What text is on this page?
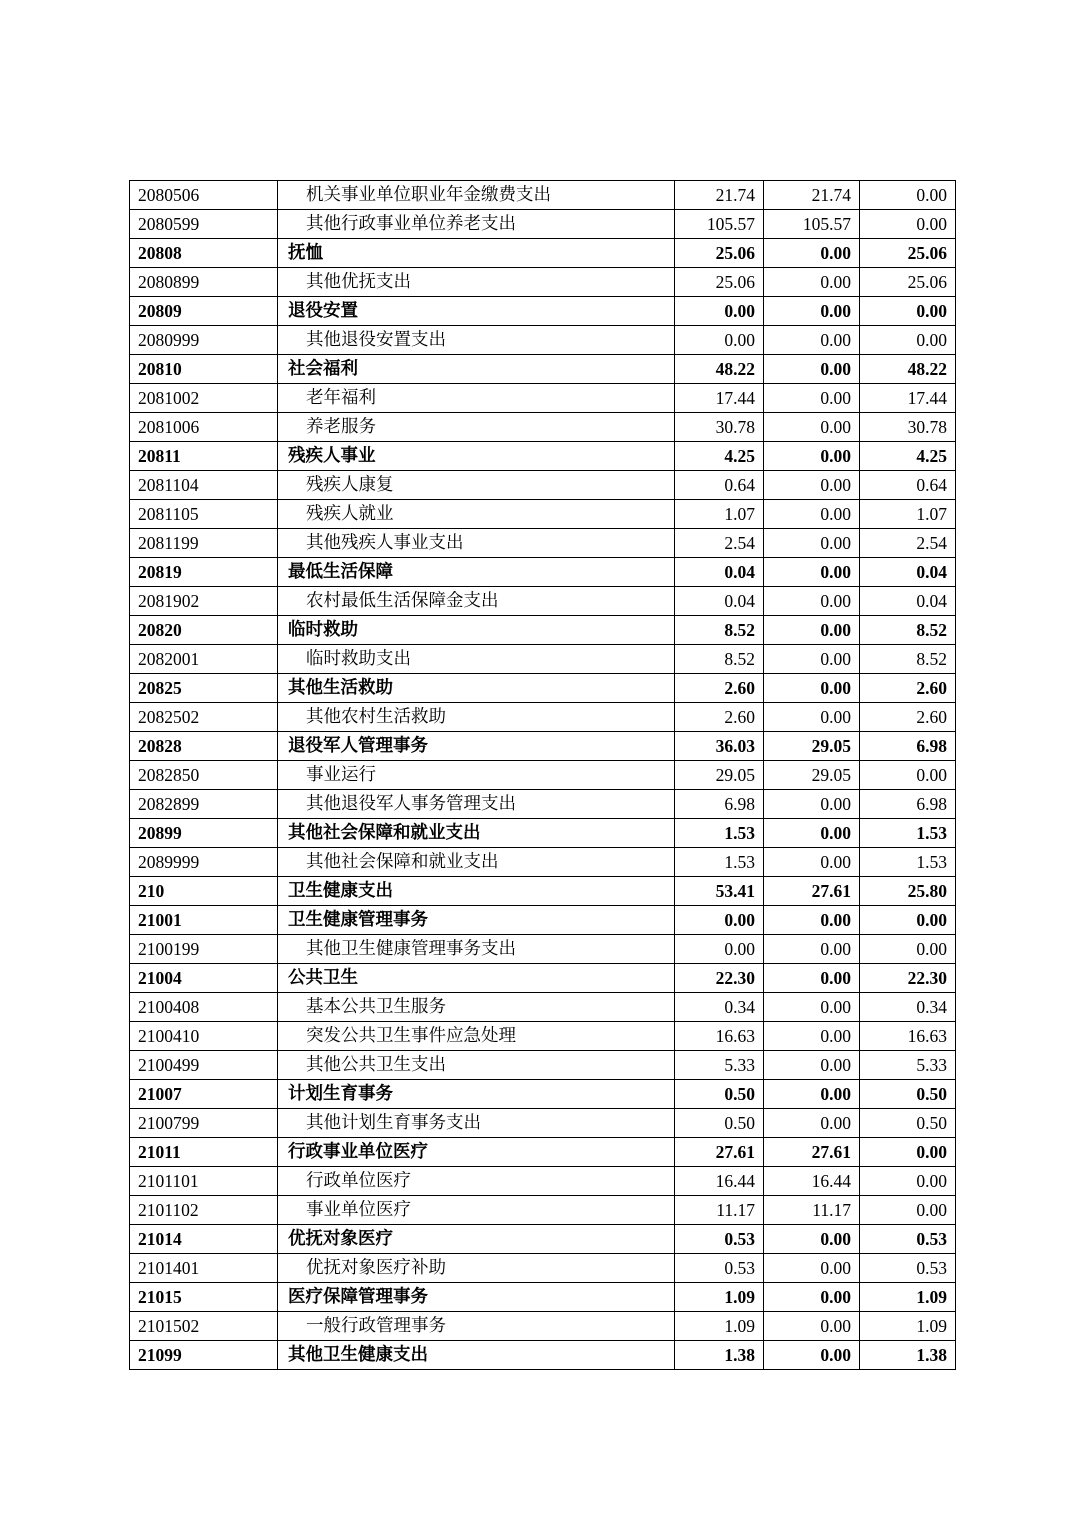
2080506	机关事业单位职业年金缴费支出	21.74	21.74	0.00
2080599	其他行政事业单位养老支出	105.57	105.57	0.00
20808	抚恤	25.06	0.00	25.06
2080899	其他优抚支出	25.06	0.00	25.06
20809	退役安置	0.00	0.00	0.00
2080999	其他退役安置支出	0.00	0.00	0.00
20810	社会福利	48.22	0.00	48.22
2081002	老年福利	17.44	0.00	17.44
2081006	养老服务	30.78	0.00	30.78
20811	残疾人事业	4.25	0.00	4.25
2081104	残疾人康复	0.64	0.00	0.64
2081105	残疾人就业	1.07	0.00	1.07
2081199	其他残疾人事业支出	2.54	0.00	2.54
20819	最低生活保障	0.04	0.00	0.04
2081902	农村最低生活保障金支出	0.04	0.00	0.04
20820	临时救助	8.52	0.00	8.52
2082001	临时救助支出	8.52	0.00	8.52
20825	其他生活救助	2.60	0.00	2.60
2082502	其他农村生活救助	2.60	0.00	2.60
20828	退役军人管理事务	36.03	29.05	6.98
2082850	事业运行	29.05	29.05	0.00
2082899	其他退役军人事务管理支出	6.98	0.00	6.98
20899	其他社会保障和就业支出	1.53	0.00	1.53
2089999	其他社会保障和就业支出	1.53	0.00	1.53
210	卫生健康支出	53.41	27.61	25.80
21001	卫生健康管理事务	0.00	0.00	0.00
2100199	其他卫生健康管理事务支出	0.00	0.00	0.00
21004	公共卫生	22.30	0.00	22.30
2100408	基本公共卫生服务	0.34	0.00	0.34
2100410	突发公共卫生事件应急处理	16.63	0.00	16.63
2100499	其他公共卫生支出	5.33	0.00	5.33
21007	计划生育事务	0.50	0.00	0.50
2100799	其他计划生育事务支出	0.50	0.00	0.50
21011	行政事业单位医疗	27.61	27.61	0.00
2101101	行政单位医疗	16.44	16.44	0.00
2101102	事业单位医疗	11.17	11.17	0.00
21014	优抚对象医疗	0.53	0.00	0.53
2101401	优抚对象医疗补助	0.53	0.00	0.53
21015	医疗保障管理事务	1.09	0.00	1.09
2101502	一般行政管理事务	1.09	0.00	1.09
21099	其他卫生健康支出	1.38	0.00	1.38
